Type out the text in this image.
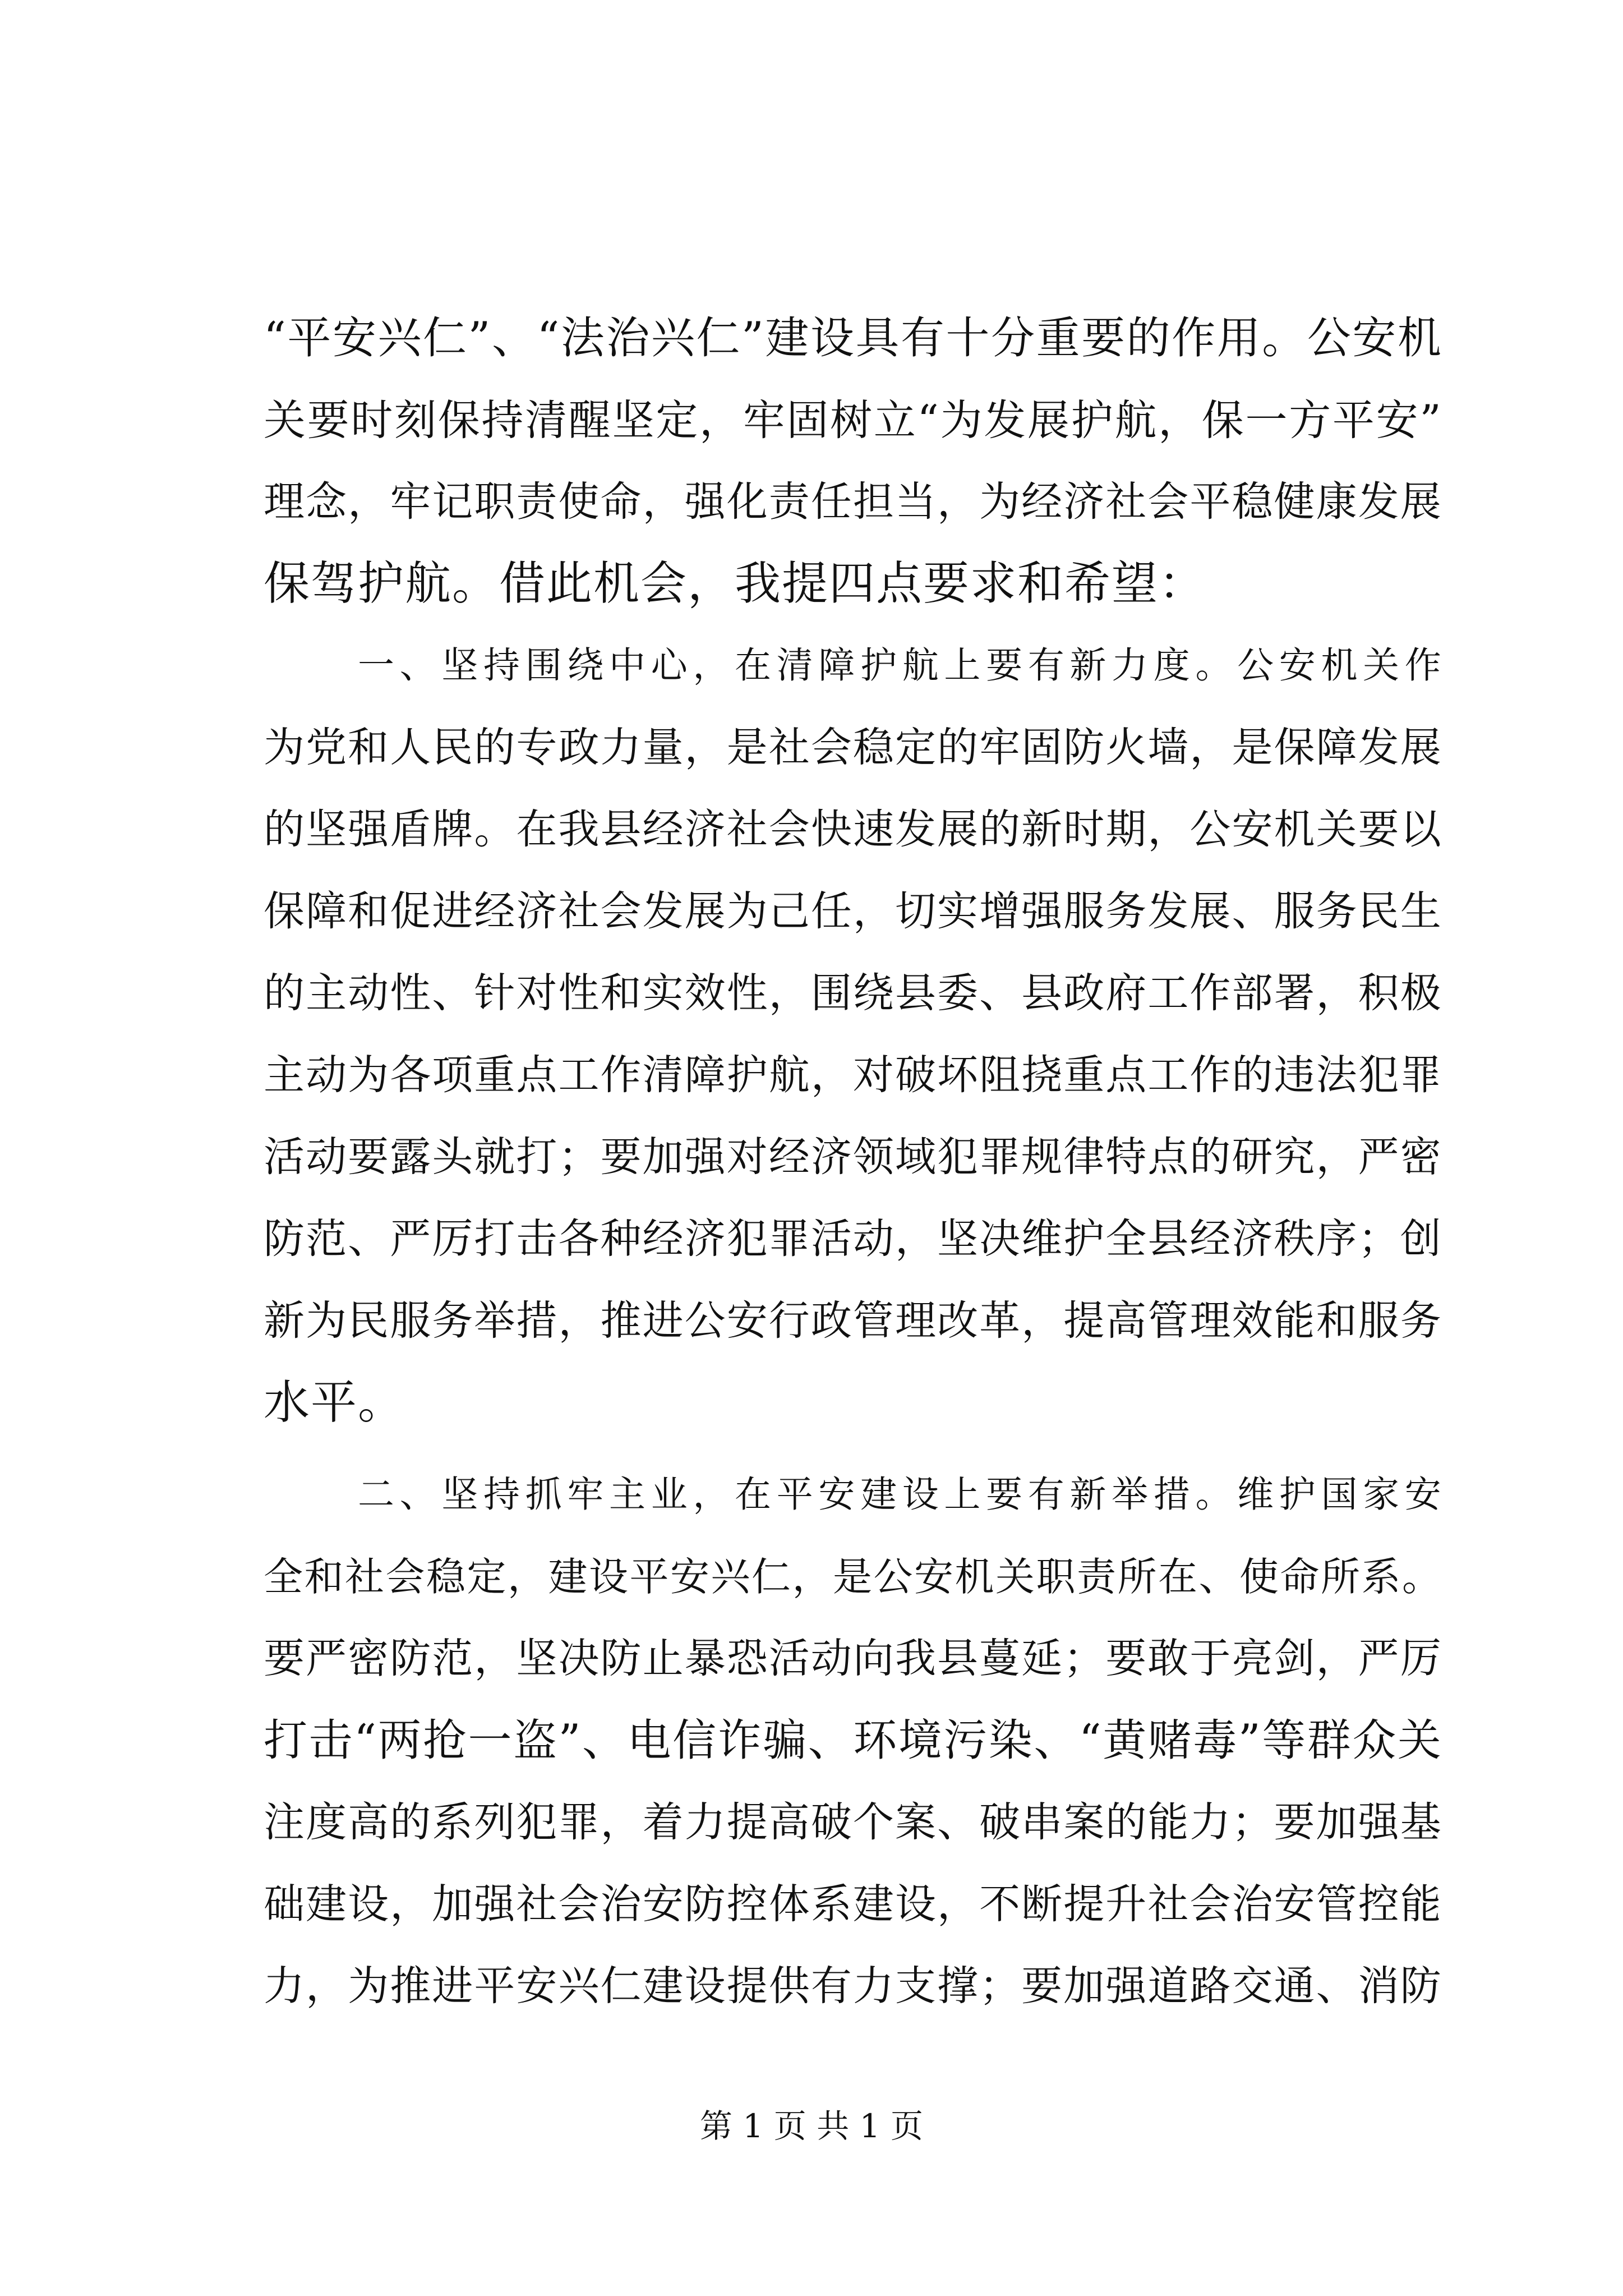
“ 平 安 兴 仁 ” 、 “ 法 治 兴 仁 ” 建 设 具 有 十 分 重 要 的 作 用 。 公 安 机
关 要 时 刻 保 持 清 醒 坚 定 ， 牢 固 树 立 “ 为 发 展 护 航 ， 保 一 方 平 安 ”
理 念 ， 牢 记 职 责 使 命 ， 强 化 责 任 担 当 ， 为 经 济 社 会 平 稳 健 康 发 展
保驾护航。借此机会，我提四点要求和希望：
一 、 坚 持 围 绕 中 心 ， 在 清 障 护 航 上 要 有 新 力 度 。 公 安 机 关 作
为 党 和 人 民 的 专 政 力 量 ， 是 社 会 稳 定 的 牢 固 防 火 墙 ， 是 保 障 发 展
的 坚 强 盾 牌 。 在 我 县 经 济 社 会 快 速 发 展 的 新 时 期 ， 公 安 机 关 要 以
保 障 和 促 进 经 济 社 会 发 展 为 己 任 ， 切 实 增 强 服 务 发 展 、 服 务 民 生
的 主 动 性 、 针 对 性 和 实 效 性 ， 围 绕 县 委 、 县 政 府 工 作 部 署 ， 积 极
主 动 为 各 项 重 点 工 作 清 障 护 航 ， 对 破 坏 阻 挠 重 点 工 作 的 违 法 犯 罪
活 动 要 露 头 就 打 ； 要 加 强 对 经 济 领 域 犯 罪 规 律 特 点 的 研 究 ， 严 密
防 范 、 严 厉 打 击 各 种 经 济 犯 罪 活 动 ， 坚 决 维 护 全 县 经 济 秩 序 ； 创
新 为 民 服 务 举 措 ， 推 进 公 安 行 政 管 理 改 革 ， 提 高 管 理 效 能 和 服 务
水平。
二 、 坚 持 抓 牢 主 业 ， 在 平 安 建 设 上 要 有 新 举 措 。 维 护 国 家 安
全 和 社 会 稳 定 ， 建 设 平 安 兴 仁 ， 是 公 安 机 关 职 责 所 在 、 使 命 所 系 。
要 严 密 防 范 ， 坚 决 防 止 暴 恐 活 动 向 我 县 蔓 延 ； 要 敢 于 亮 剑 ， 严 厉
打 击 “ 两 抢 一 盗 ” 、 电 信 诈 骗 、 环 境 污 染 、 “ 黄 赌 毒 ” 等 群 众 关
注 度 高 的 系 列 犯 罪 ， 着 力 提 高 破 个 案 、 破 串 案 的 能 力 ； 要 加 强 基
础 建 设 ， 加 强 社 会 治 安 防 控 体 系 建 设 ， 不 断 提 升 社 会 治 安 管 控 能
力 ， 为 推 进 平 安 兴 仁 建 设 提 供 有 力 支 撑 ； 要 加 强 道 路 交 通 、 消 防
第 1 页 共 1 页
